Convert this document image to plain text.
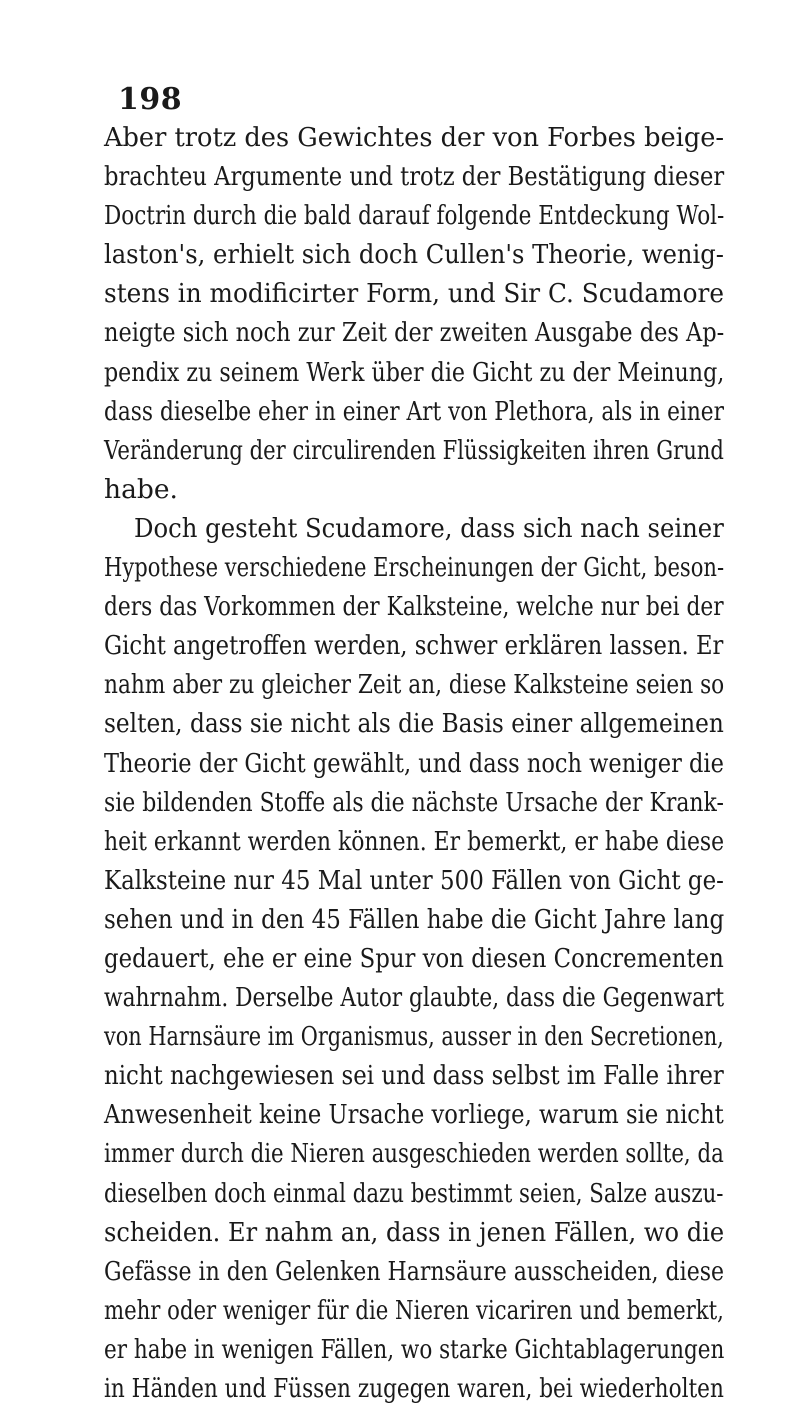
198
Aber trotz des Gewichtes der von Forbes beige-
brachteu Argumente und trotz der Bestätigung dieser
Doctrin durch die bald darauf folgende Entdeckung Wol-
laston's, erhielt sich doch Cullen's Theorie, wenig-
stens in modificirter Form, und Sir C. Scudamore
neigte sich noch zur Zeit der zweiten Ausgabe des Ap-
pendix zu seinem Werk über die Gicht zu der Meinung,
dass dieselbe eher in einer Art von Plethora, als in einer
Veränderung der circulirenden Flüssigkeiten ihren Grund
habe.
Doch gesteht Scudamore, dass sich nach seiner
Hypothese verschiedene Erscheinungen der Gicht, beson-
ders das Vorkommen der Kalksteine, welche nur bei der
Gicht angetroffen werden, schwer erklären lassen. Er
nahm aber zu gleicher Zeit an, diese Kalksteine seien so
selten, dass sie nicht als die Basis einer allgemeinen
Theorie der Gicht gewählt, und dass noch weniger die
sie bildenden Stoffe als die nächste Ursache der Krank-
heit erkannt werden können. Er bemerkt, er habe diese
Kalksteine nur 45 Mal unter 500 Fällen von Gicht ge-
sehen und in den 45 Fällen habe die Gicht Jahre lang
gedauert, ehe er eine Spur von diesen Concrementen
wahrnahm. Derselbe Autor glaubte, dass die Gegenwart
von Harnsäure im Organismus, ausser in den Secretionen,
nicht nachgewiesen sei und dass selbst im Falle ihrer
Anwesenheit keine Ursache vorliege, warum sie nicht
immer durch die Nieren ausgeschieden werden sollte, da
dieselben doch einmal dazu bestimmt seien, Salze auszu-
scheiden. Er nahm an, dass in jenen Fällen, wo die
Gefässe in den Gelenken Harnsäure ausscheiden, diese
mehr oder weniger für die Nieren vicariren und bemerkt,
er habe in wenigen Fällen, wo starke Gichtablagerungen
in Händen und Füssen zugegen waren, bei wiederholten
